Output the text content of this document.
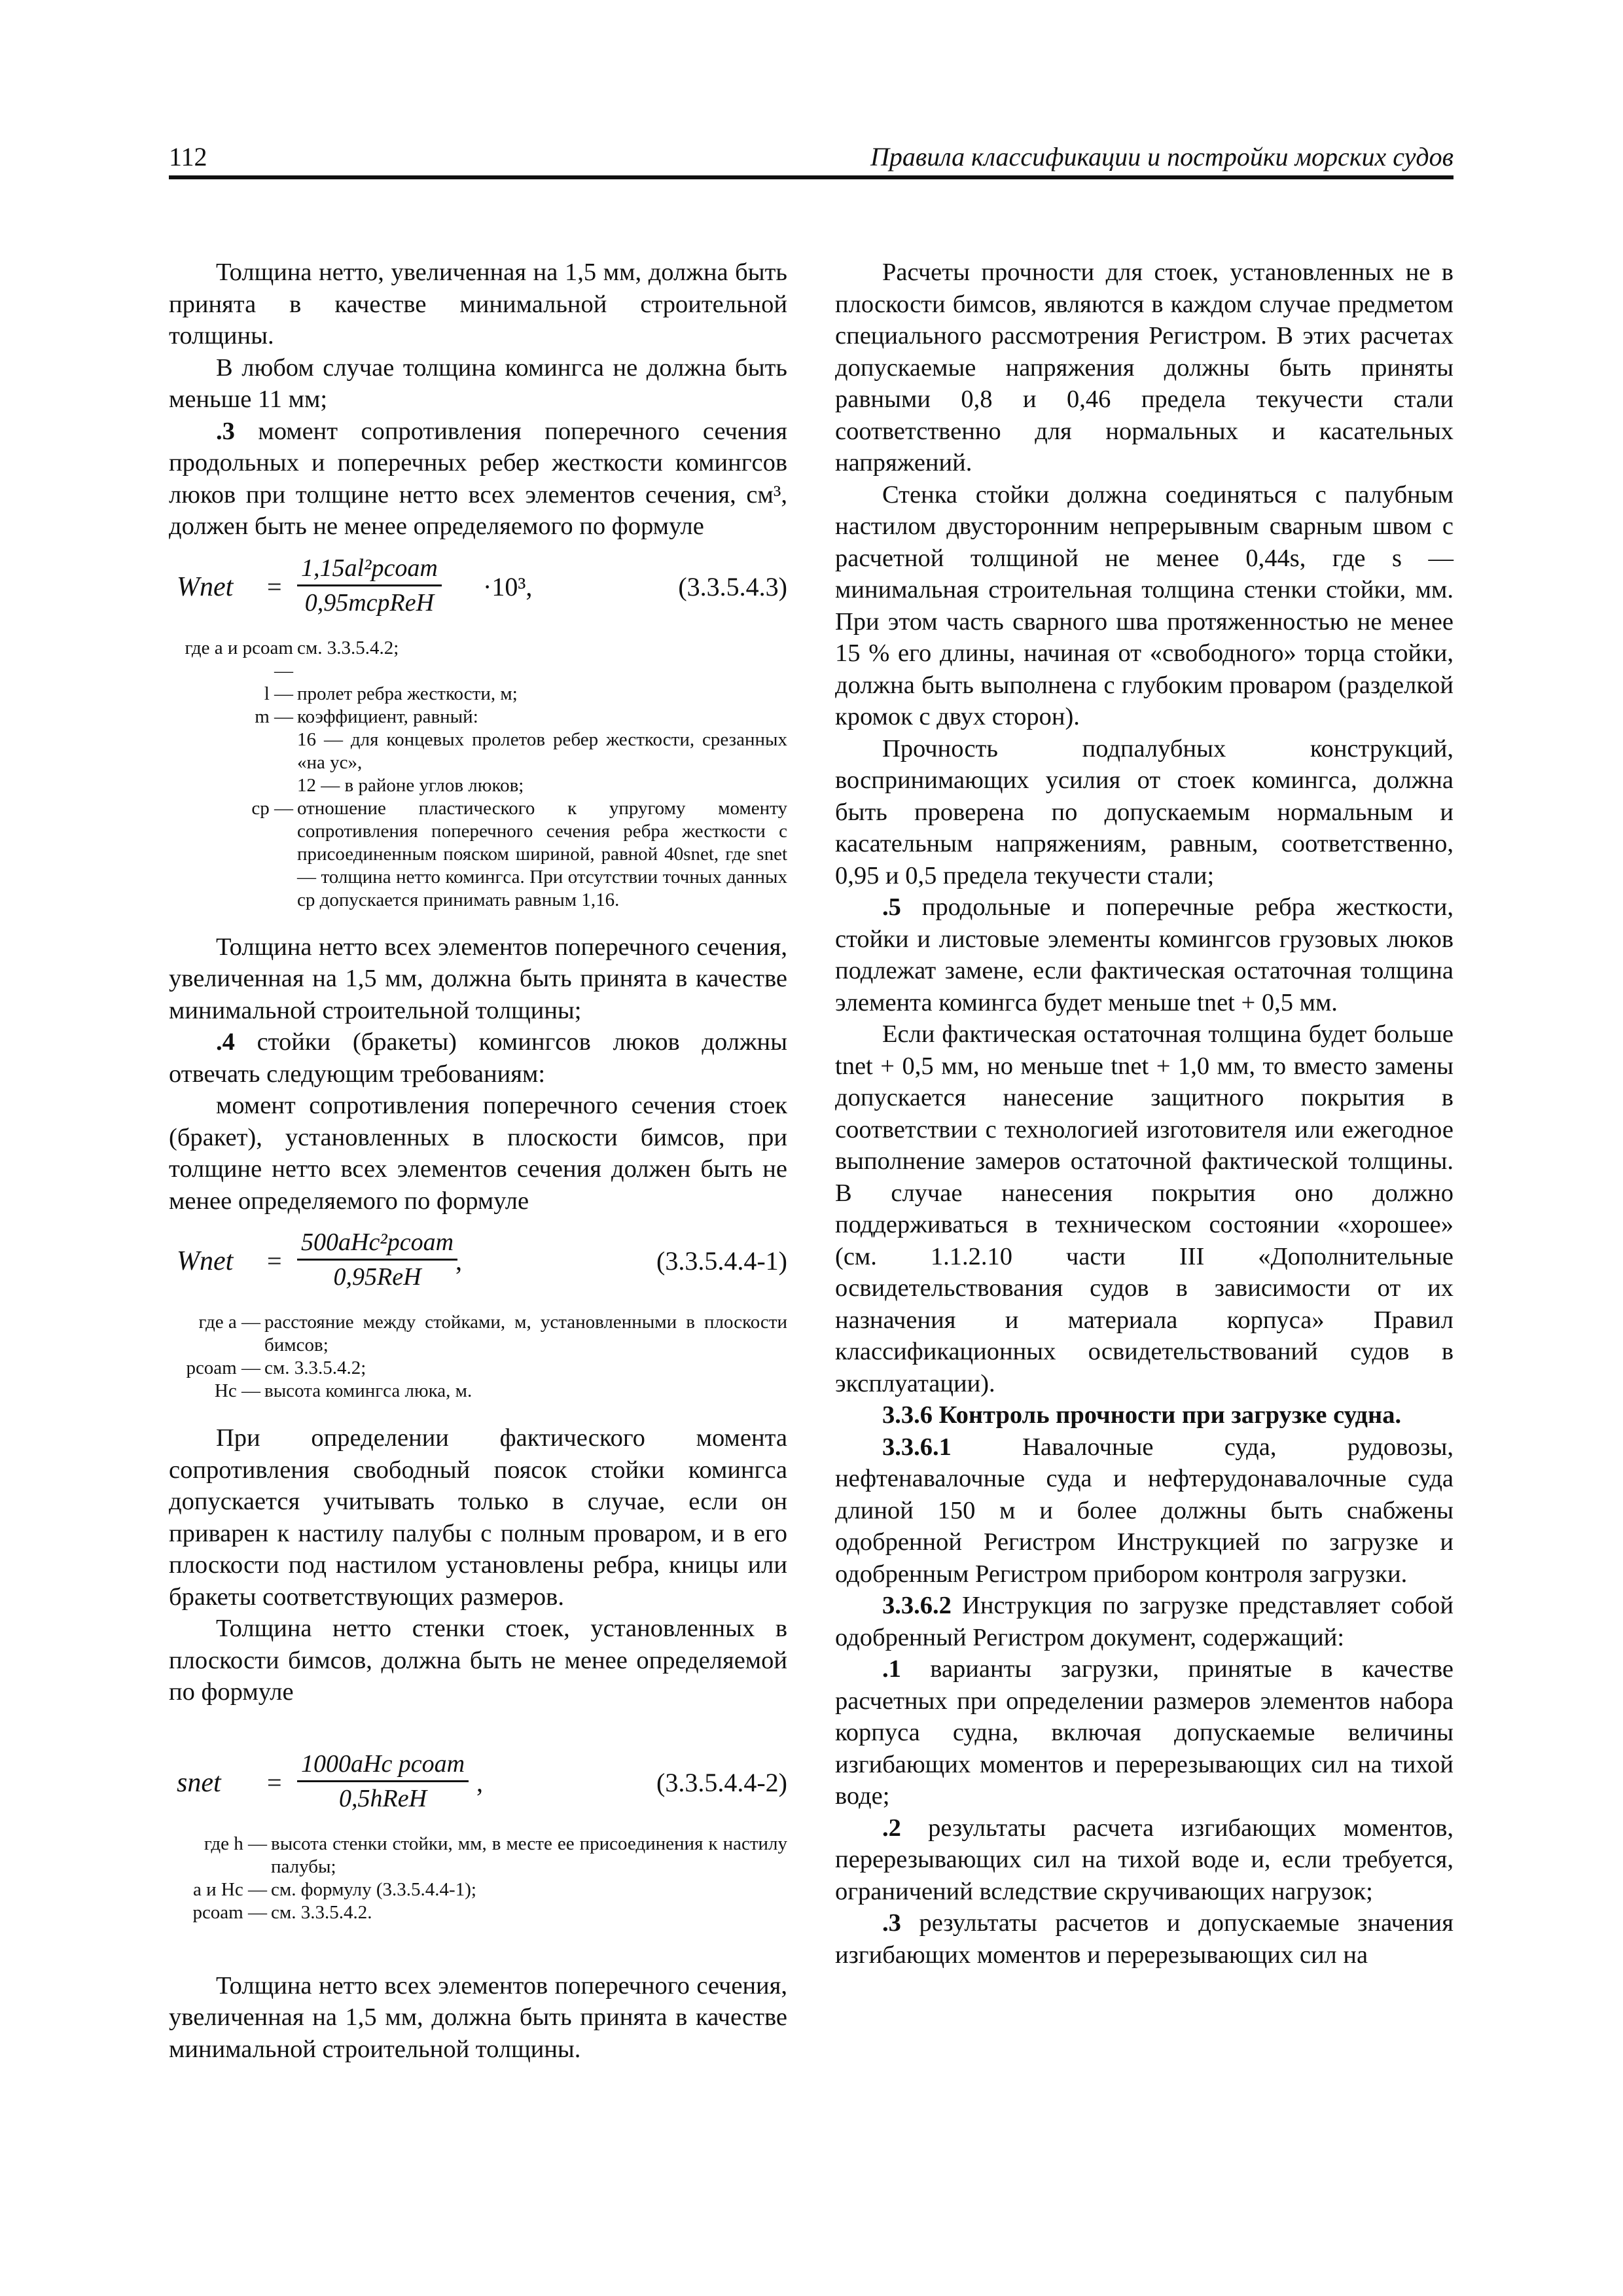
112	Правила классификации и постройки морских судов

Толщина нетто, увеличенная на 1,5 мм, должна быть принята в качестве минимальной строительной толщины.

В любом случае толщина комингса не должна быть меньше 11 мм;

.3 момент сопротивления поперечного сечения продольных и поперечных ребер жесткости комингсов люков при толщине нетто всех элементов сечения, см³, должен быть не менее определяемого по формуле

Wnet =
1,15al²pcoam
0,95mcpReH
·10³,	(3.3.5.4.3)
где a и pcoam —
см. 3.3.5.4.2;
l — пролет ребра жесткости, м;
m — коэффициент, равный:
16 — для концевых пролетов ребер жесткости, срезанных «на ус»,
12 — в районе углов люков;
cp — отношение пластического к упругому моменту сопротивления поперечного сечения ребра жесткости с присоединенным пояском шириной, равной 40snet, где snet — толщина нетто комингса. При отсутствии точных данных cp допускается принимать равным 1,16.

Толщина нетто всех элементов поперечного сечения, увеличенная на 1,5 мм, должна быть принята в качестве минимальной строительной толщины;

.4 стойки (бракеты) комингсов люков должны отвечать следующим требованиям:

момент сопротивления поперечного сечения стоек (бракет), установленных в плоскости бимсов, при толщине нетто всех элементов сечения должен быть не менее определяемого по формуле

Wnet =
500aHc²pcoam
0,95ReH
,	(3.3.5.4.4-1)
где a — расстояние между стойками, м, установленными в плоскости бимсов;
pcoam — см. 3.3.5.4.2;
Hc — высота комингса люка, м.

При определении фактического момента сопротивления свободный поясок стойки комингса допускается учитывать только в случае, если он приварен к настилу палубы с полным проваром, и в его плоскости под настилом установлены ребра, кницы или бракеты соответствующих размеров.

Толщина нетто стенки стоек, установленных в плоскости бимсов, должна быть не менее определяемой по формуле

snet =
1000aHc pcoam
0,5hReH
,	(3.3.5.4.4-2)
где h — высота стенки стойки, мм, в месте ее присоединения к настилу палубы;
a и Hc — см. формулу (3.3.5.4.4-1);
pcoam — см. 3.3.5.4.2.

Толщина нетто всех элементов поперечного сечения, увеличенная на 1,5 мм, должна быть принята в качестве минимальной строительной толщины.

Расчеты прочности для стоек, установленных не в плоскости бимсов, являются в каждом случае предметом специального рассмотрения Регистром. В этих расчетах допускаемые напряжения должны быть приняты равными 0,8 и 0,46 предела текучести стали соответственно для нормальных и касательных напряжений.

Стенка стойки должна соединяться с палубным настилом двусторонним непрерывным сварным швом с расчетной толщиной не менее 0,44s, где s — минимальная строительная толщина стенки стойки, мм. При этом часть сварного шва протяженностью не менее 15 % его длины, начиная от «свободного» торца стойки, должна быть выполнена с глубоким проваром (разделкой кромок с двух сторон).

Прочность подпалубных конструкций, воспринимающих усилия от стоек комингса, должна быть проверена по допускаемым нормальным и касательным напряжениям, равным, соответственно, 0,95 и 0,5 предела текучести стали;

.5 продольные и поперечные ребра жесткости, стойки и листовые элементы комингсов грузовых люков подлежат замене, если фактическая остаточная толщина элемента комингса будет меньше tnet + 0,5 мм.

Если фактическая остаточная толщина будет больше tnet + 0,5 мм, но меньше tnet + 1,0 мм, то вместо замены допускается нанесение защитного покрытия в соответствии с технологией изготовителя или ежегодное выполнение замеров остаточной фактической толщины. В случае нанесения покрытия оно должно поддерживаться в техническом состоянии «хорошее» (см. 1.1.2.10 части III «Дополнительные освидетельствования судов в зависимости от их назначения и материала корпуса» Правил классификационных освидетельствований судов в эксплуатации).

3.3.6 Контроль прочности при загрузке судна.

3.3.6.1 Навалочные суда, рудовозы, нефтенавалочные суда и нефтерудонавалочные суда длиной 150 м и более должны быть снабжены одобренной Регистром Инструкцией по загрузке и одобренным Регистром прибором контроля загрузки.

3.3.6.2 Инструкция по загрузке представляет собой одобренный Регистром документ, содержащий:

.1 варианты загрузки, принятые в качестве расчетных при определении размеров элементов набора корпуса судна, включая допускаемые величины изгибающих моментов и перерезывающих сил на тихой воде;

.2 результаты расчета изгибающих моментов, перерезывающих сил на тихой воде и, если требуется, ограничений вследствие скручивающих нагрузок;

.3 результаты расчетов и допускаемые значения изгибающих моментов и перерезывающих сил на
